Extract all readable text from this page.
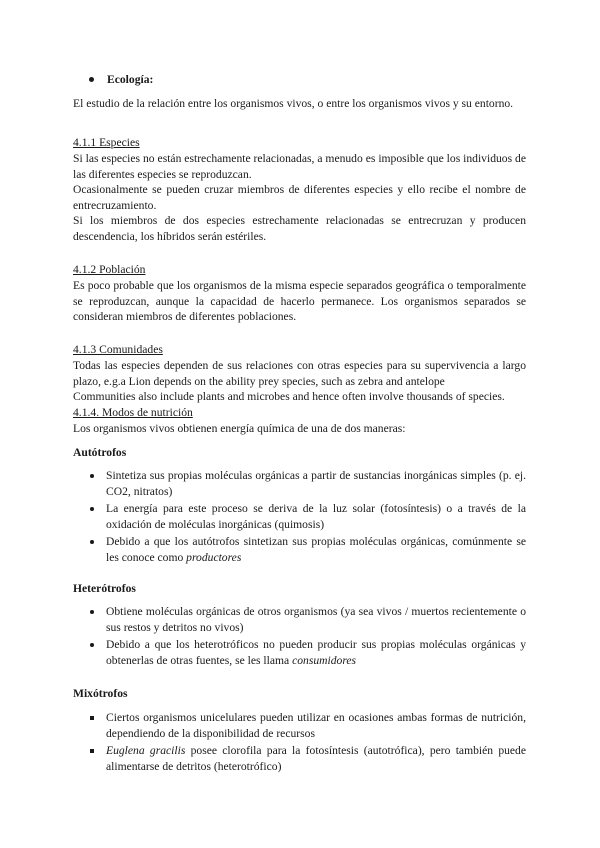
Ecología:

El estudio de la relación entre los organismos vivos, o entre los organismos vivos y su entorno.

4.1.1 Especies

Si las especies no están estrechamente relacionadas, a menudo es imposible que los individuos de las diferentes especies se reproduzcan.

Ocasionalmente se pueden cruzar miembros de diferentes especies y ello recibe el nombre de entrecruzamiento.

Si los miembros de dos especies estrechamente relacionadas se entrecruzan y producen descendencia, los híbridos serán estériles.

4.1.2 Población

Es poco probable que los organismos de la misma especie separados geográfica o temporalmente se reproduzcan, aunque la capacidad de hacerlo permanece. Los organismos separados se consideran miembros de diferentes poblaciones.

4.1.3 Comunidades

Todas las especies dependen de sus relaciones con otras especies para su supervivencia a largo plazo, e.g.a Lion depends on the ability prey species, such as zebra and antelope

Communities also include plants and microbes and hence often involve thousands of species.

4.1.4. Modos de nutrición

Los organismos vivos obtienen energía química de una de dos maneras:

Autótrofos

Sintetiza sus propias moléculas orgánicas a partir de sustancias inorgánicas simples (p. ej. CO2, nitratos)
La energía para este proceso se deriva de la luz solar (fotosíntesis) o a través de la oxidación de moléculas inorgánicas (quimosis)
Debido a que los autótrofos sintetizan sus propias moléculas orgánicas, comúnmente se les conoce como productores

Heterótrofos

Obtiene moléculas orgánicas de otros organismos (ya sea vivos / muertos recientemente o sus restos y detritos no vivos)
Debido a que los heterotróficos no pueden producir sus propias moléculas orgánicas y obtenerlas de otras fuentes, se les llama consumidores

Mixótrofos

Ciertos organismos unicelulares pueden utilizar en ocasiones ambas formas de nutrición, dependiendo de la disponibilidad de recursos
Euglena gracilis posee clorofila para la fotosíntesis (autotrófica), pero también puede alimentarse de detritos (heterotrófico)
